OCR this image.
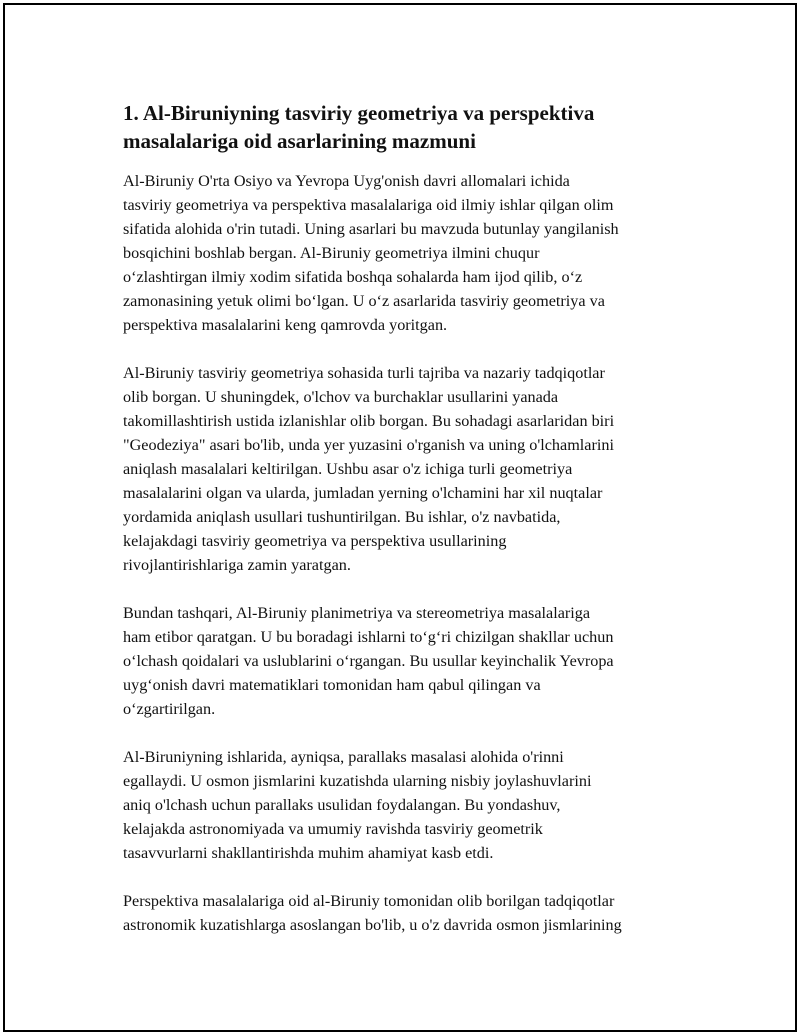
1. Al-Biruniyning tasviriy geometriya va perspektiva
masalalariga oid asarlarining mazmuni

Al-Biruniy O'rta Osiyo va Yevropa Uyg'onish davri allomalari ichida
tasviriy geometriya va perspektiva masalalariga oid ilmiy ishlar qilgan olim
sifatida alohida o'rin tutadi. Uning asarlari bu mavzuda butunlay yangilanish
bosqichini boshlab bergan. Al-Biruniy geometriya ilmini chuqur
o‘zlashtirgan ilmiy xodim sifatida boshqa sohalarda ham ijod qilib, o‘z
zamonasining yetuk olimi bo‘lgan. U o‘z asarlarida tasviriy geometriya va
perspektiva masalalarini keng qamrovda yoritgan.

Al-Biruniy tasviriy geometriya sohasida turli tajriba va nazariy tadqiqotlar
olib borgan. U shuningdek, o'lchov va burchaklar usullarini yanada
takomillashtirish ustida izlanishlar olib borgan. Bu sohadagi asarlaridan biri
"Geodeziya" asari bo'lib, unda yer yuzasini o'rganish va uning o'lchamlarini
aniqlash masalalari keltirilgan. Ushbu asar o'z ichiga turli geometriya
masalalarini olgan va ularda, jumladan yerning o'lchamini har xil nuqtalar
yordamida aniqlash usullari tushuntirilgan. Bu ishlar, o'z navbatida,
kelajakdagi tasviriy geometriya va perspektiva usullarining
rivojlantirishlariga zamin yaratgan.

Bundan tashqari, Al-Biruniy planimetriya va stereometriya masalalariga
ham etibor qaratgan. U bu boradagi ishlarni to‘g‘ri chizilgan shakllar uchun
o‘lchash qoidalari va uslublarini o‘rgangan. Bu usullar keyinchalik Yevropa
uyg‘onish davri matematiklari tomonidan ham qabul qilingan va
o‘zgartirilgan.

Al-Biruniyning ishlarida, ayniqsa, parallaks masalasi alohida o'rinni
egallaydi. U osmon jismlarini kuzatishda ularning nisbiy joylashuvlarini
aniq o'lchash uchun parallaks usulidan foydalangan. Bu yondashuv,
kelajakda astronomiyada va umumiy ravishda tasviriy geometrik
tasavvurlarni shakllantirishda muhim ahamiyat kasb etdi.

Perspektiva masalalariga oid al-Biruniy tomonidan olib borilgan tadqiqotlar
astronomik kuzatishlarga asoslangan bo'lib, u o'z davrida osmon jismlarining
